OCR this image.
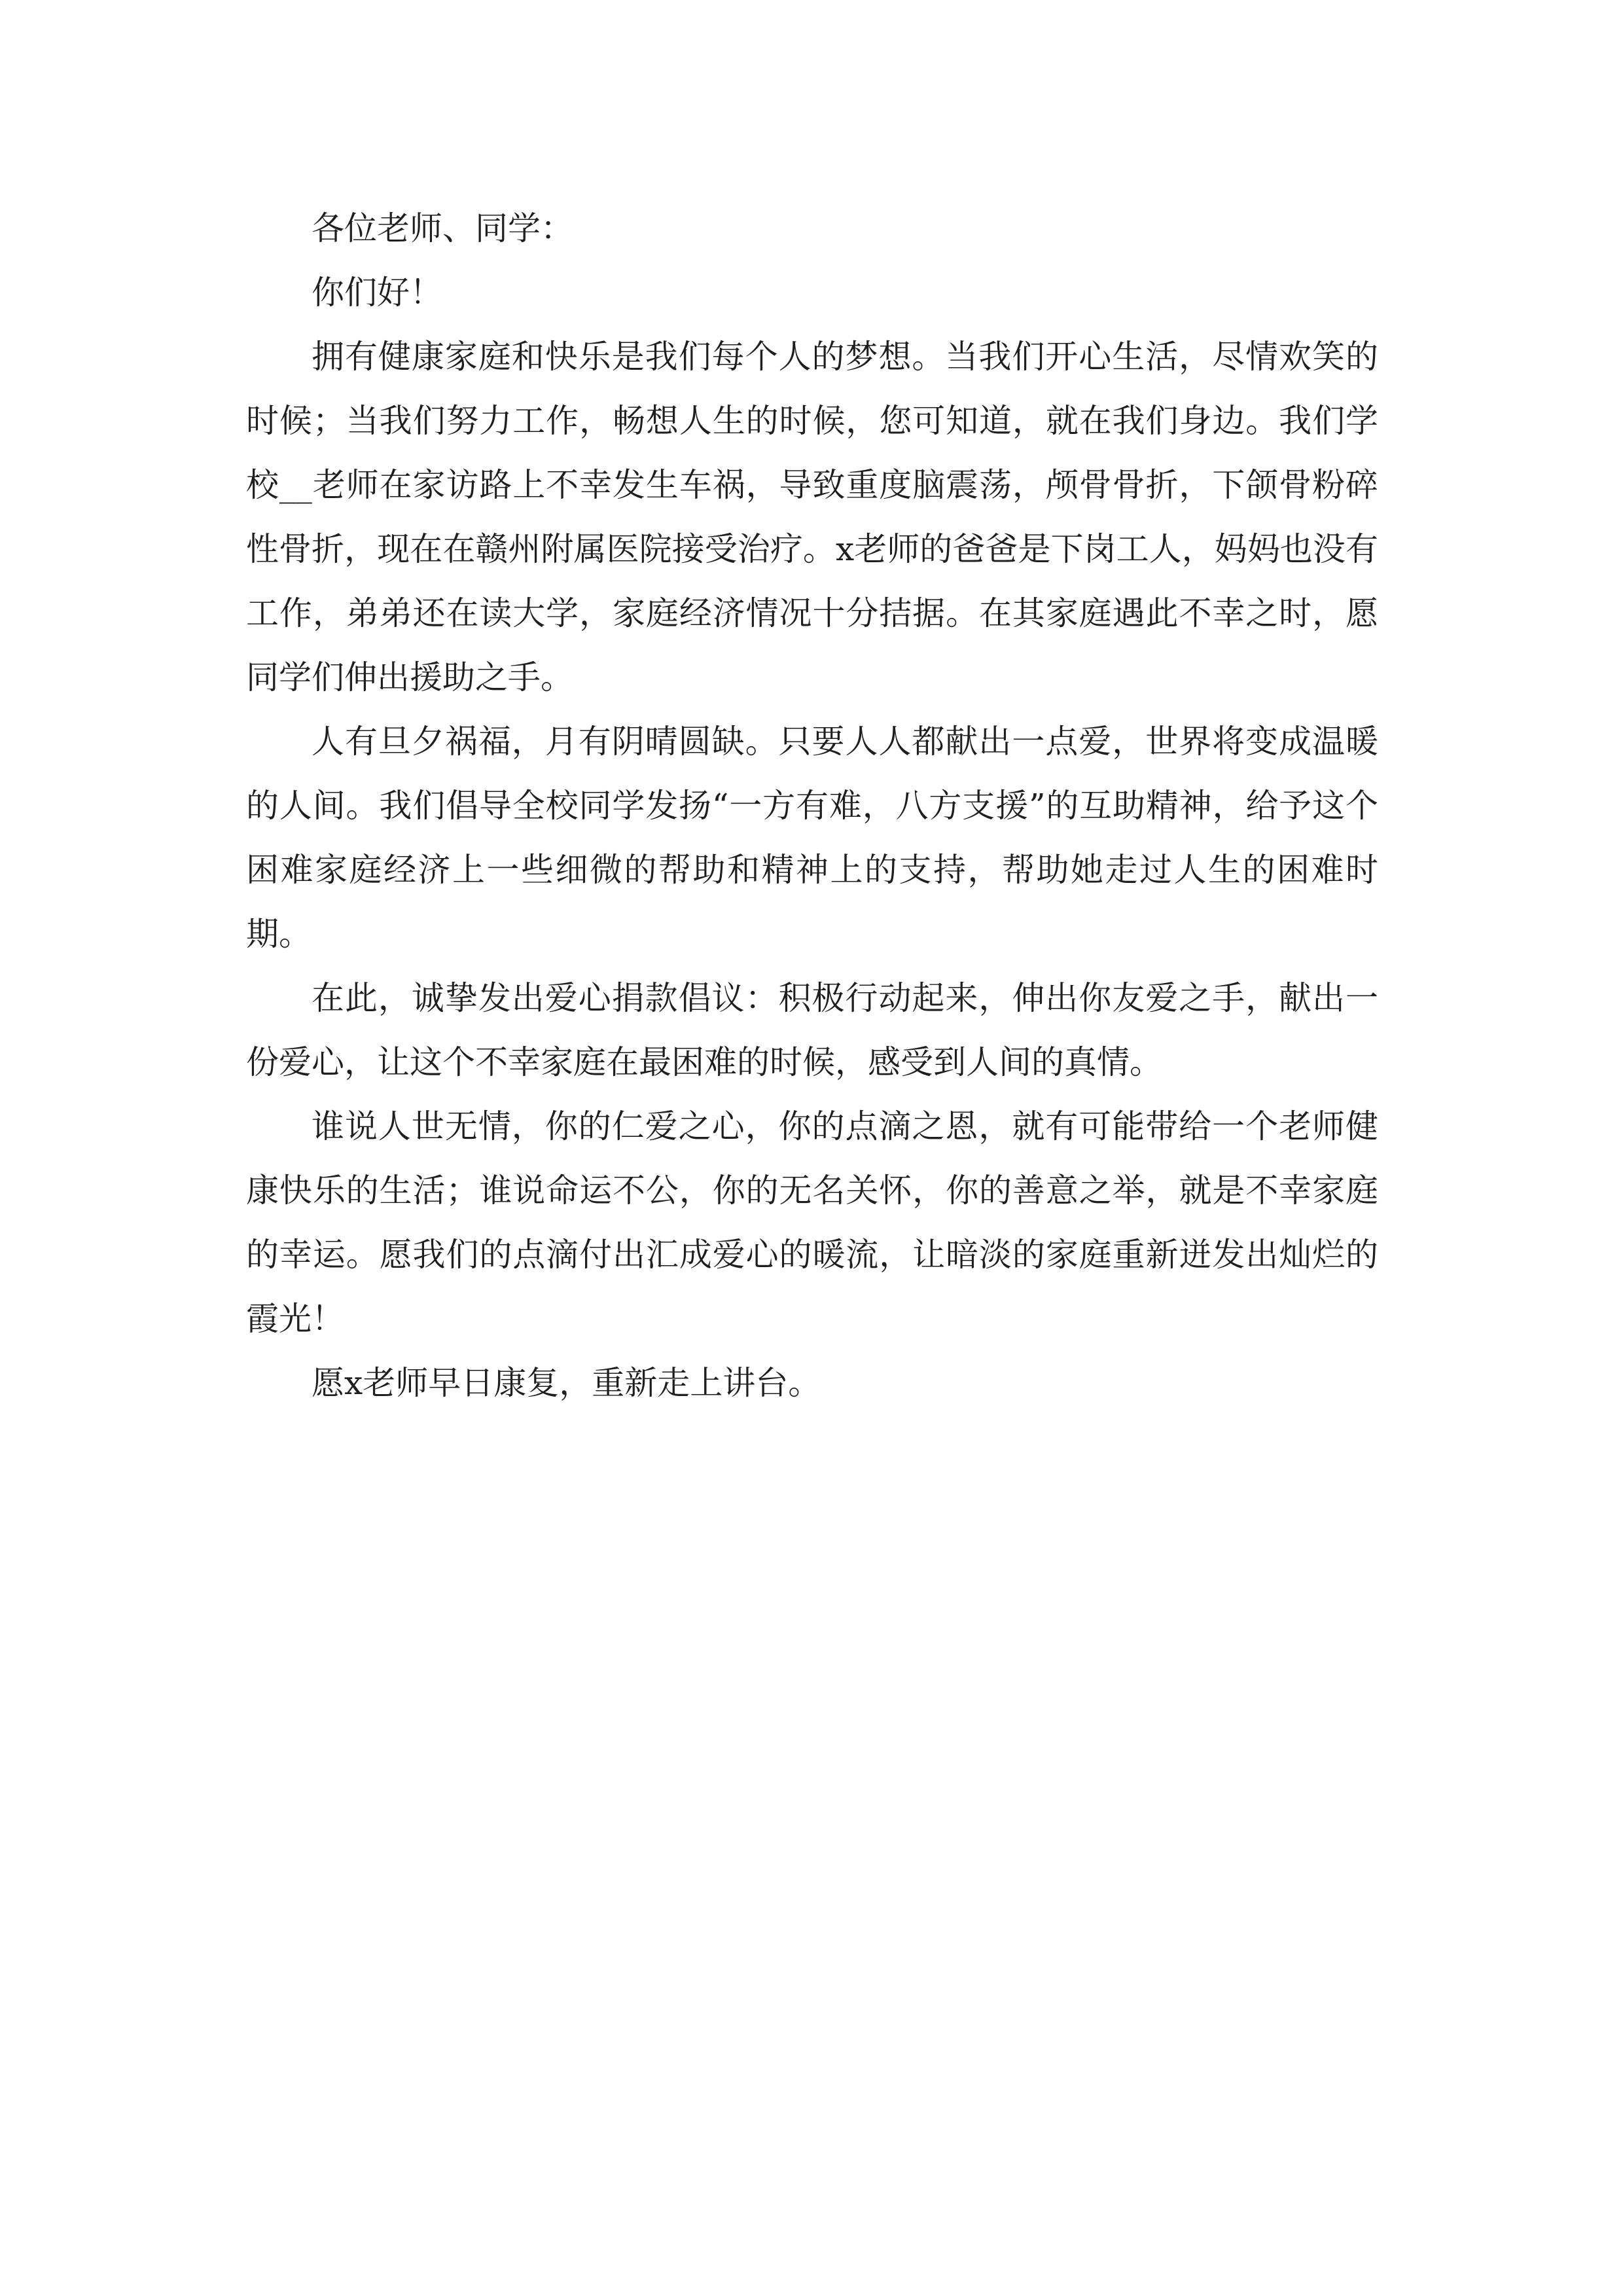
各位老师、同学：

你们好！

拥有健康家庭和快乐是我们每个人的梦想。当我们开心生活，尽情欢笑的时候；当我们努力工作，畅想人生的时候，您可知道，就在我们身边。我们学校__老师在家访路上不幸发生车祸，导致重度脑震荡，颅骨骨折，下颌骨粉碎性骨折，现在在赣州附属医院接受治疗。x老师的爸爸是下岗工人，妈妈也没有工作，弟弟还在读大学，家庭经济情况十分拮据。在其家庭遇此不幸之时，愿同学们伸出援助之手。

人有旦夕祸福，月有阴晴圆缺。只要人人都献出一点爱，世界将变成温暖的人间。我们倡导全校同学发扬“一方有难，八方支援”的互助精神，给予这个困难家庭经济上一些细微的帮助和精神上的支持，帮助她走过人生的困难时期。

在此，诚挚发出爱心捐款倡议：积极行动起来，伸出你友爱之手，献出一份爱心，让这个不幸家庭在最困难的时候，感受到人间的真情。

谁说人世无情，你的仁爱之心，你的点滴之恩，就有可能带给一个老师健康快乐的生活；谁说命运不公，你的无名关怀，你的善意之举，就是不幸家庭的幸运。愿我们的点滴付出汇成爱心的暖流，让暗淡的家庭重新迸发出灿烂的霞光！

愿x老师早日康复，重新走上讲台。
